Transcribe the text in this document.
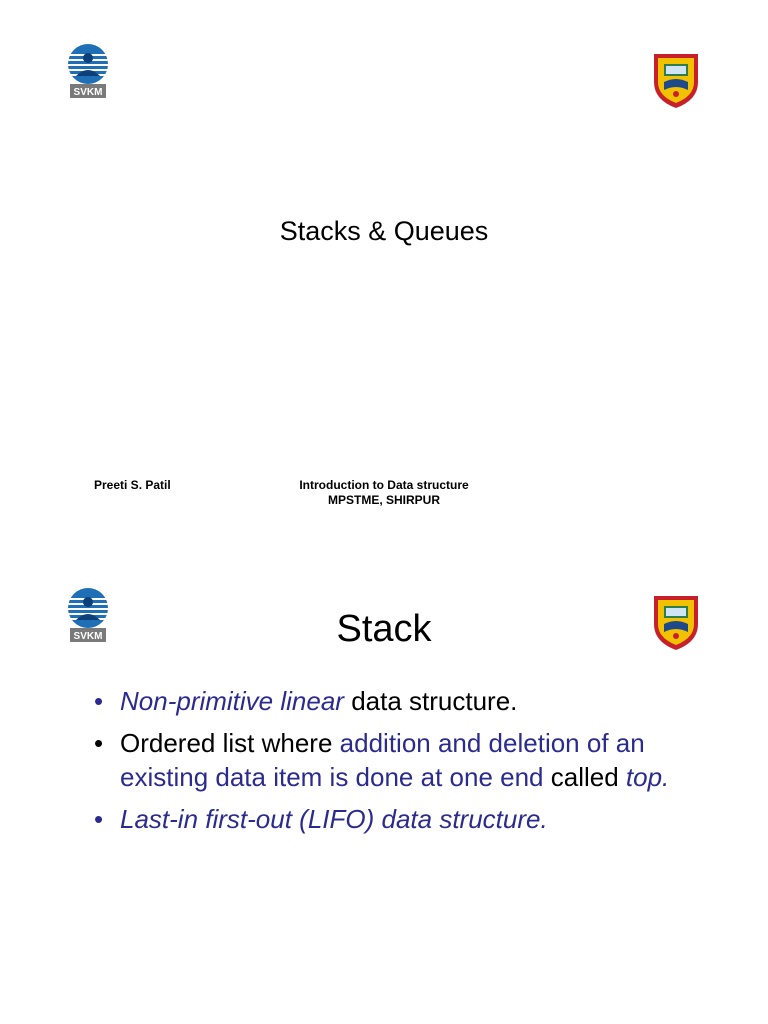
SVKM
Stacks & Queues
Preeti S. Patil	Introduction to Data structure
MPSTME, SHIRPUR
SVKM	Stack
• Non-primitive linear data structure.
• Ordered list where addition and deletion of an existing data item is done at one end called top.
• Last-in first-out (LIFO) data structure.
